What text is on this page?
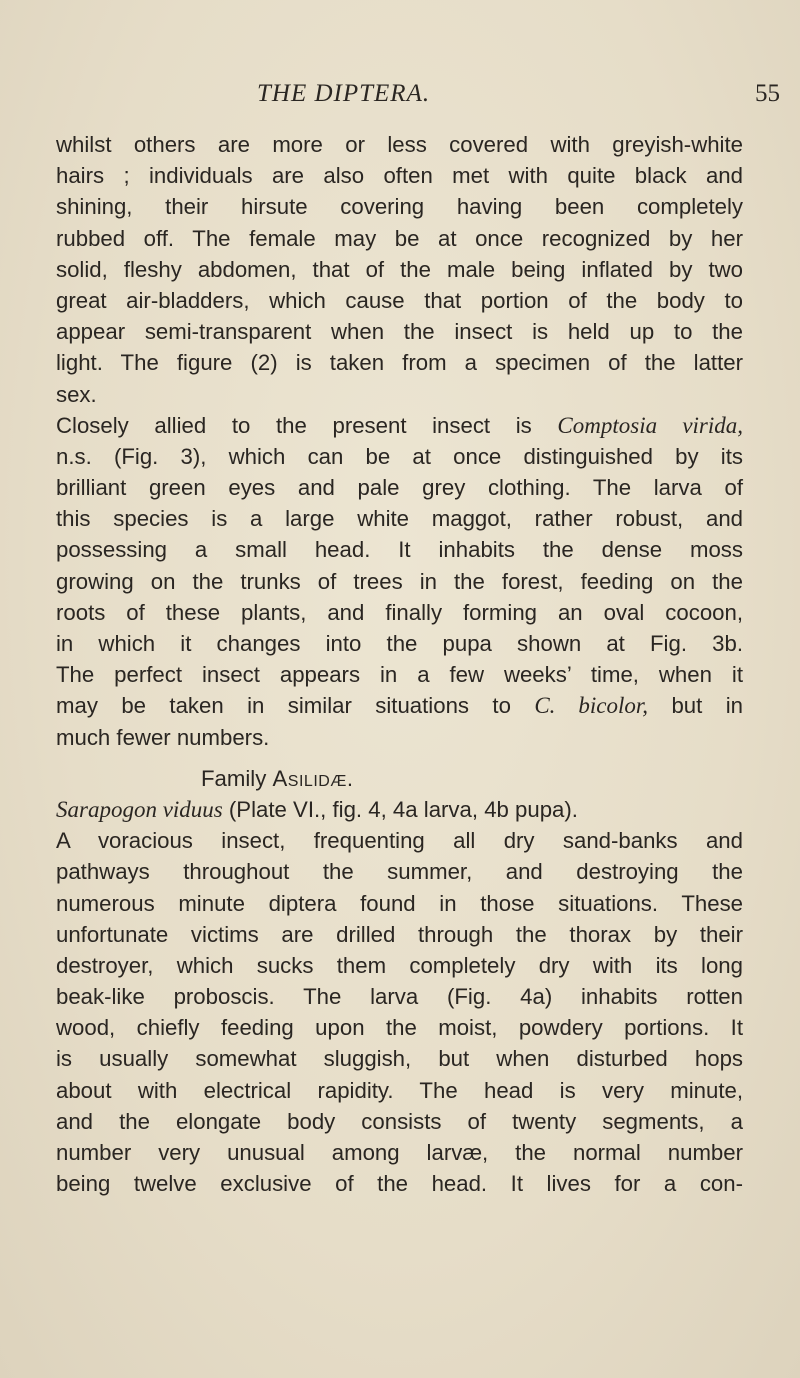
THE DIPTERA.	55
whilst others are more or less covered with greyish-white
hairs ; individuals are also often met with quite black and
shining, their hirsute covering having been completely
rubbed off. The female may be at once recognized by her
solid, fleshy abdomen, that of the male being inflated by two
great air-bladders, which cause that portion of the body to
appear semi-transparent when the insect is held up to the
light. The figure (2) is taken from a specimen of the latter
sex.
Closely allied to the present insect is Comptosia virida,
n.s. (Fig. 3), which can be at once distinguished by its
brilliant green eyes and pale grey clothing. The larva of
this species is a large white maggot, rather robust, and
possessing a small head. It inhabits the dense moss
growing on the trunks of trees in the forest, feeding on the
roots of these plants, and finally forming an oval cocoon,
in which it changes into the pupa shown at Fig. 3b.
The perfect insect appears in a few weeks’ time, when it
may be taken in similar situations to C. bicolor, but in
much fewer numbers.
Family Asilidæ.
Sarapogon viduus (Plate VI., fig. 4, 4a larva, 4b pupa).
A voracious insect, frequenting all dry sand-banks and
pathways throughout the summer, and destroying the
numerous minute diptera found in those situations. These
unfortunate victims are drilled through the thorax by their
destroyer, which sucks them completely dry with its long
beak-like proboscis. The larva (Fig. 4a) inhabits rotten
wood, chiefly feeding upon the moist, powdery portions. It
is usually somewhat sluggish, but when disturbed hops
about with electrical rapidity. The head is very minute,
and the elongate body consists of twenty segments, a
number very unusual among larvæ, the normal number
being twelve exclusive of the head. It lives for a con-
